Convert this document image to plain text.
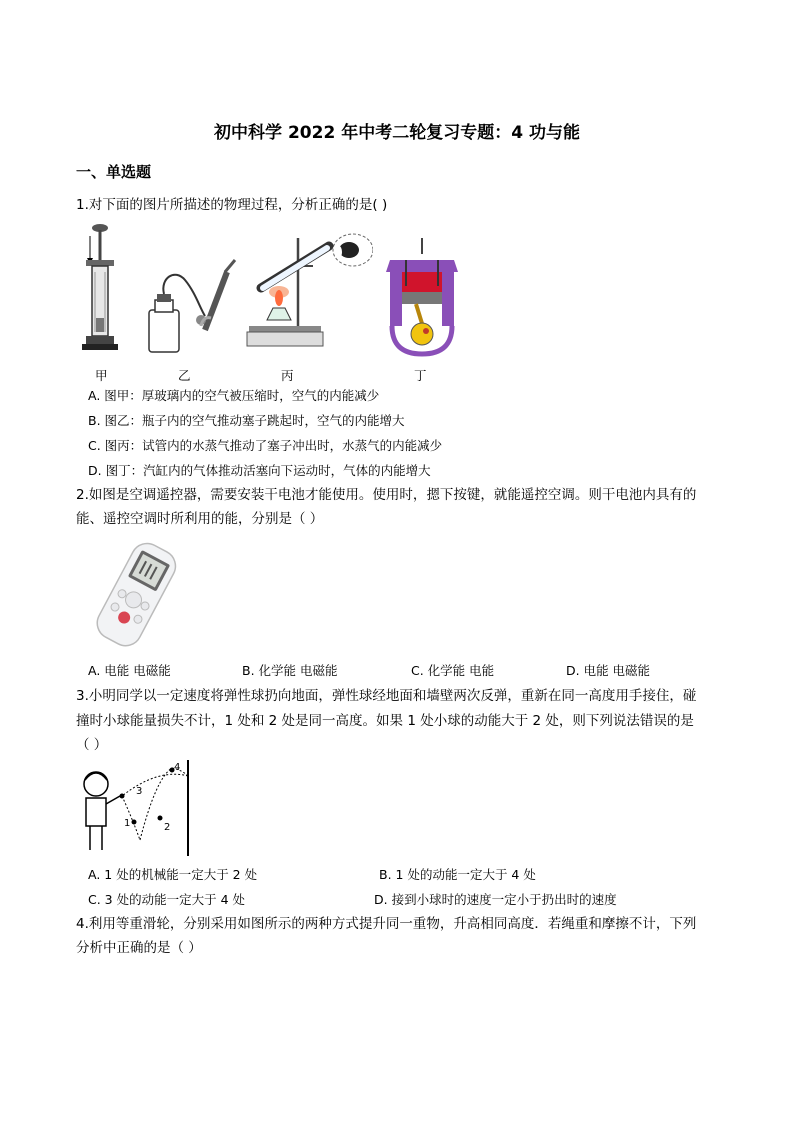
初中科学 2022 年中考二轮复习专题：4 功与能
一、单选题
1.对下面的图片所描述的物理过程，分析正确的是( )
甲	乙	丙	丁
A. 图甲：厚玻璃内的空气被压缩时，空气的内能减少
B. 图乙：瓶子内的空气推动塞子跳起时，空气的内能增大
C. 图丙：试管内的水蒸气推动了塞子冲出时，水蒸气的内能减少
D. 图丁：汽缸内的气体推动活塞向下运动时，气体的内能增大
2.如图是空调遥控器，需要安装干电池才能使用。使用时，摁下按键，就能遥控空调。则干电池内具有的
能、遥控空调时所利用的能，分别是（ ）
A. 电能 电磁能	B. 化学能 电磁能	C. 化学能 电能	D. 电能 电磁能
3.小明同学以一定速度将弹性球扔向地面，弹性球经地面和墙壁两次反弹，重新在同一高度用手接住，碰
撞时小球能量损失不计，1 处和 2 处是同一高度。如果 1 处小球的动能大于 2 处，则下列说法错误的是
（ ）
1	2
3
4
A. 1 处的机械能一定大于 2 处	B. 1 处的动能一定大于 4 处
C. 3 处的动能一定大于 4 处	D. 接到小球时的速度一定小于扔出时的速度
4.利用等重滑轮，分别采用如图所示的两种方式提升同一重物，升高相同高度．若绳重和摩擦不计，下列
分析中正确的是（ ）
